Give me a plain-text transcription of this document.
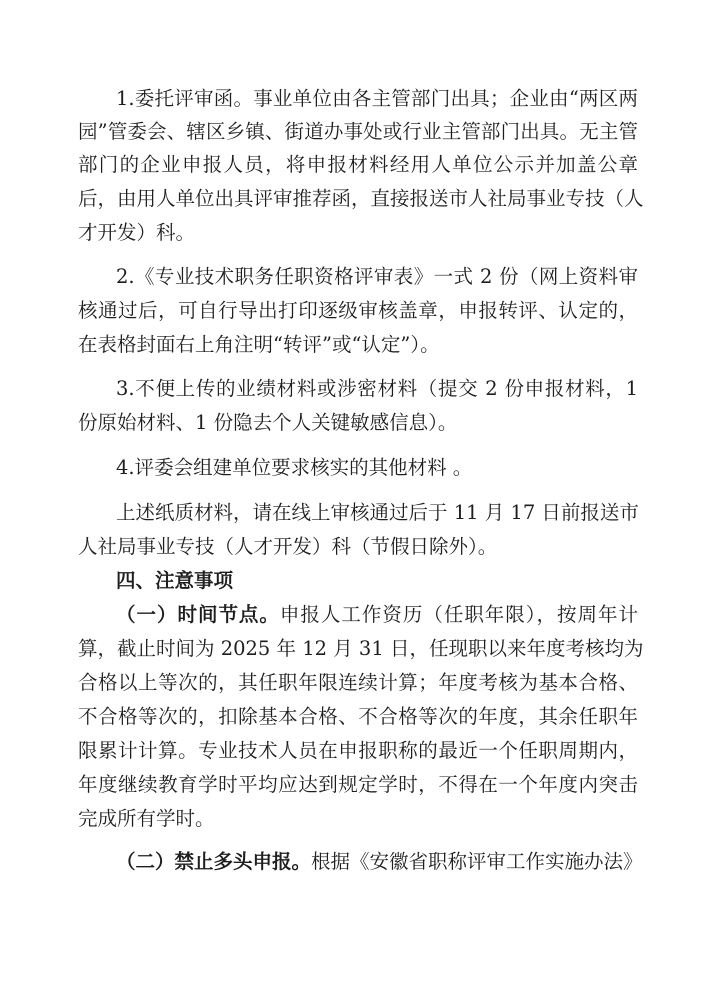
1.委托评审函。事业单位由各主管部门出具；企业由“两区两
园”管委会、辖区乡镇、街道办事处或行业主管部门出具。无主管
部门的企业申报人员，将申报材料经用人单位公示并加盖公章
后，由用人单位出具评审推荐函，直接报送市人社局事业专技（人
才开发）科。
2.《专业技术职务任职资格评审表》一式 2 份（网上资料审
核通过后，可自行导出打印逐级审核盖章，申报转评、认定的，
在表格封面右上角注明“转评”或“认定”）。
3.不便上传的业绩材料或涉密材料（提交 2 份申报材料，1
份原始材料、1 份隐去个人关键敏感信息）。
4.评委会组建单位要求核实的其他材料 。
上述纸质材料，请在线上审核通过后于 11 月 17 日前报送市
人社局事业专技（人才开发）科（节假日除外）。
四、注意事项
（一）时间节点。申报人工作资历（任职年限），按周年计
算，截止时间为 2025 年 12 月 31 日，任现职以来年度考核均为
合格以上等次的，其任职年限连续计算；年度考核为基本合格、
不合格等次的，扣除基本合格、不合格等次的年度，其余任职年
限累计计算。专业技术人员在申报职称的最近一个任职周期内，
年度继续教育学时平均应达到规定学时，不得在一个年度内突击
完成所有学时。
（二）禁止多头申报。根据《安徽省职称评审工作实施办法》
